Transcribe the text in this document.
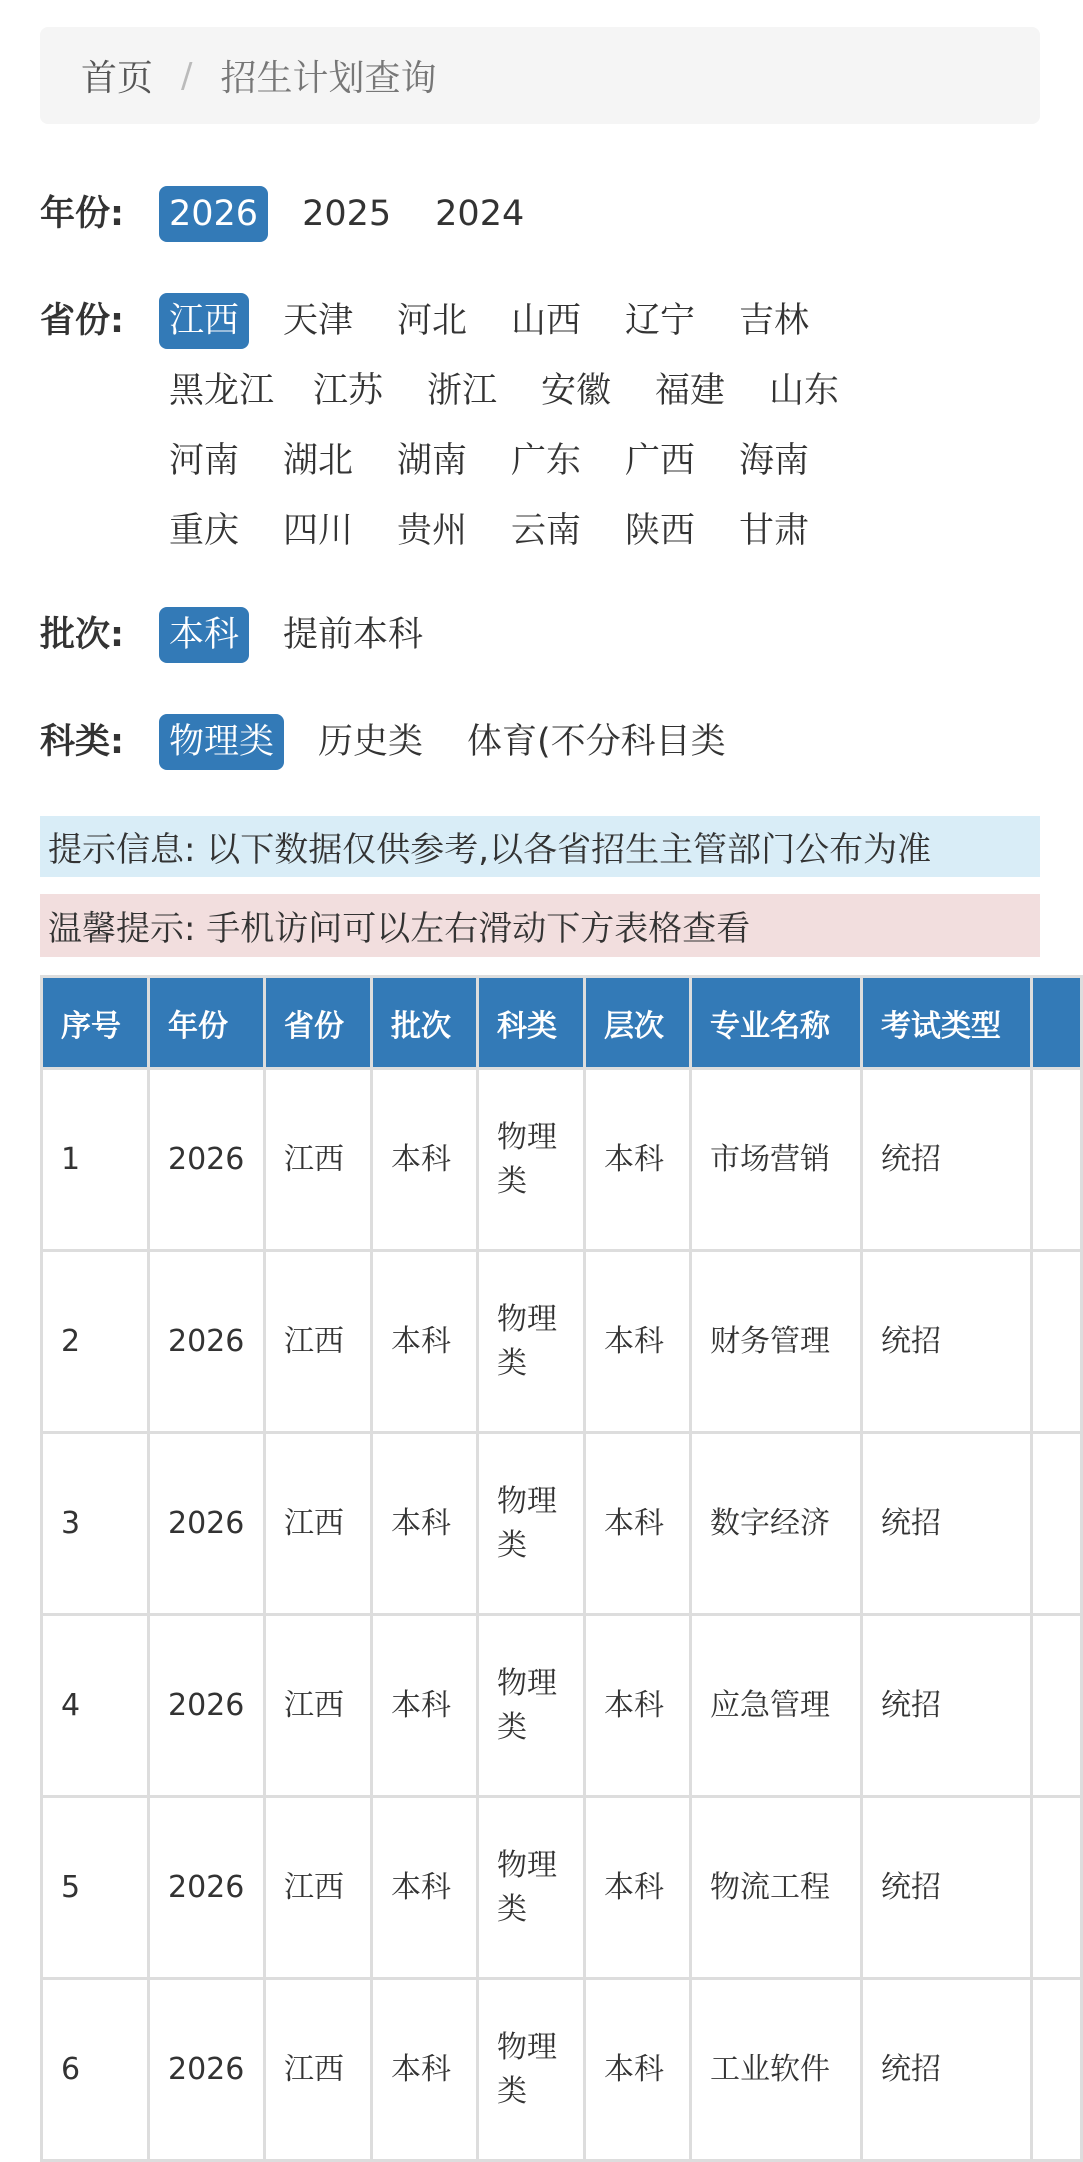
首页 / 招生计划查询
年份:	2026 2025 2024
省份:	江西 天津 河北 山西 辽宁 吉林
黑龙江 江苏 浙江 安徽 福建 山东
河南 湖北 湖南 广东 广西 海南
重庆 四川 贵州 云南 陕西 甘肃
批次:	本科 提前本科
科类:	物理类 历史类 体育(不分科目类
提示信息: 以下数据仅供参考,以各省招生主管部门公布为准
温馨提示: 手机访问可以左右滑动下方表格查看
序号	年份	省份	批次	科类	层次	专业名称	考试类型	
1	2026	江西	本科	物理类	本科	市场营销	统招	
2	2026	江西	本科	物理类	本科	财务管理	统招	
3	2026	江西	本科	物理类	本科	数字经济	统招	
4	2026	江西	本科	物理类	本科	应急管理	统招	
5	2026	江西	本科	物理类	本科	物流工程	统招	
6	2026	江西	本科	物理类	本科	工业软件	统招	
